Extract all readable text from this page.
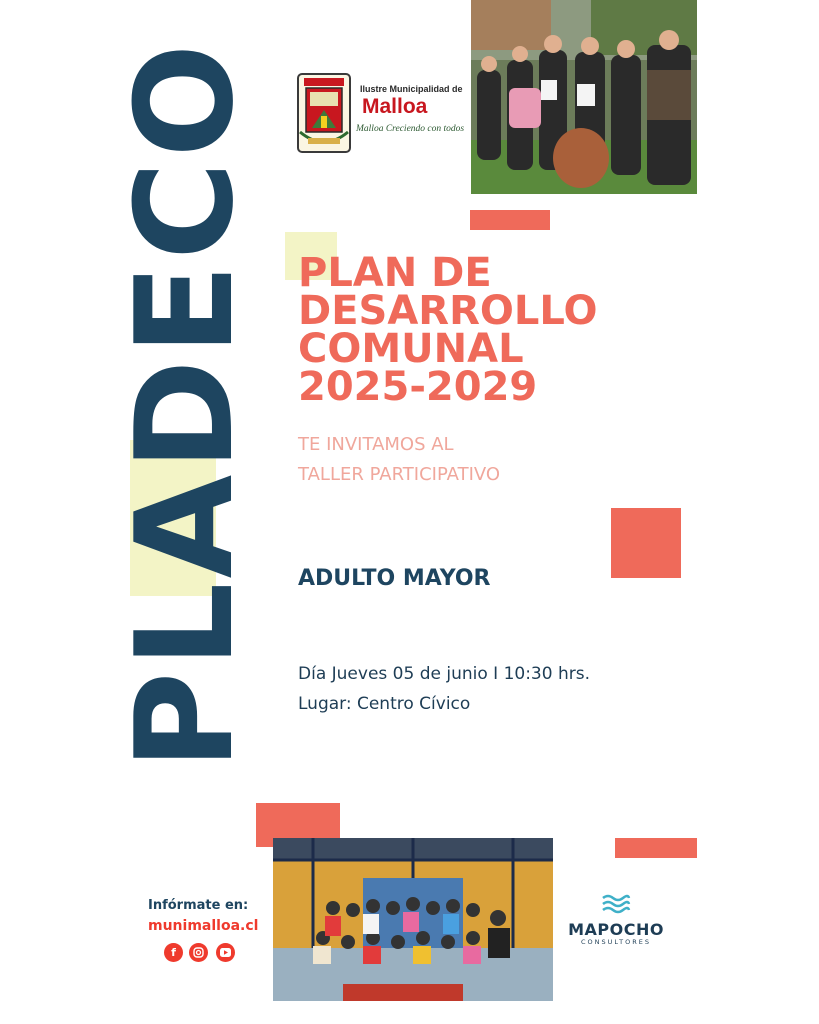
PLADECO	Ilustre Municipalidad de
Malloa
Malloa Creciendo con todos
PLAN DE
DESARROLLO
COMUNAL
2025-2029
TE INVITAMOS AL
TALLER PARTICIPATIVO
ADULTO MAYOR
Día Jueves 05 de junio I 10:30 hrs.
Lugar: Centro Cívico
Infórmate en:
munimalloa.cl
f
MAPOCHO
CONSULTORES
